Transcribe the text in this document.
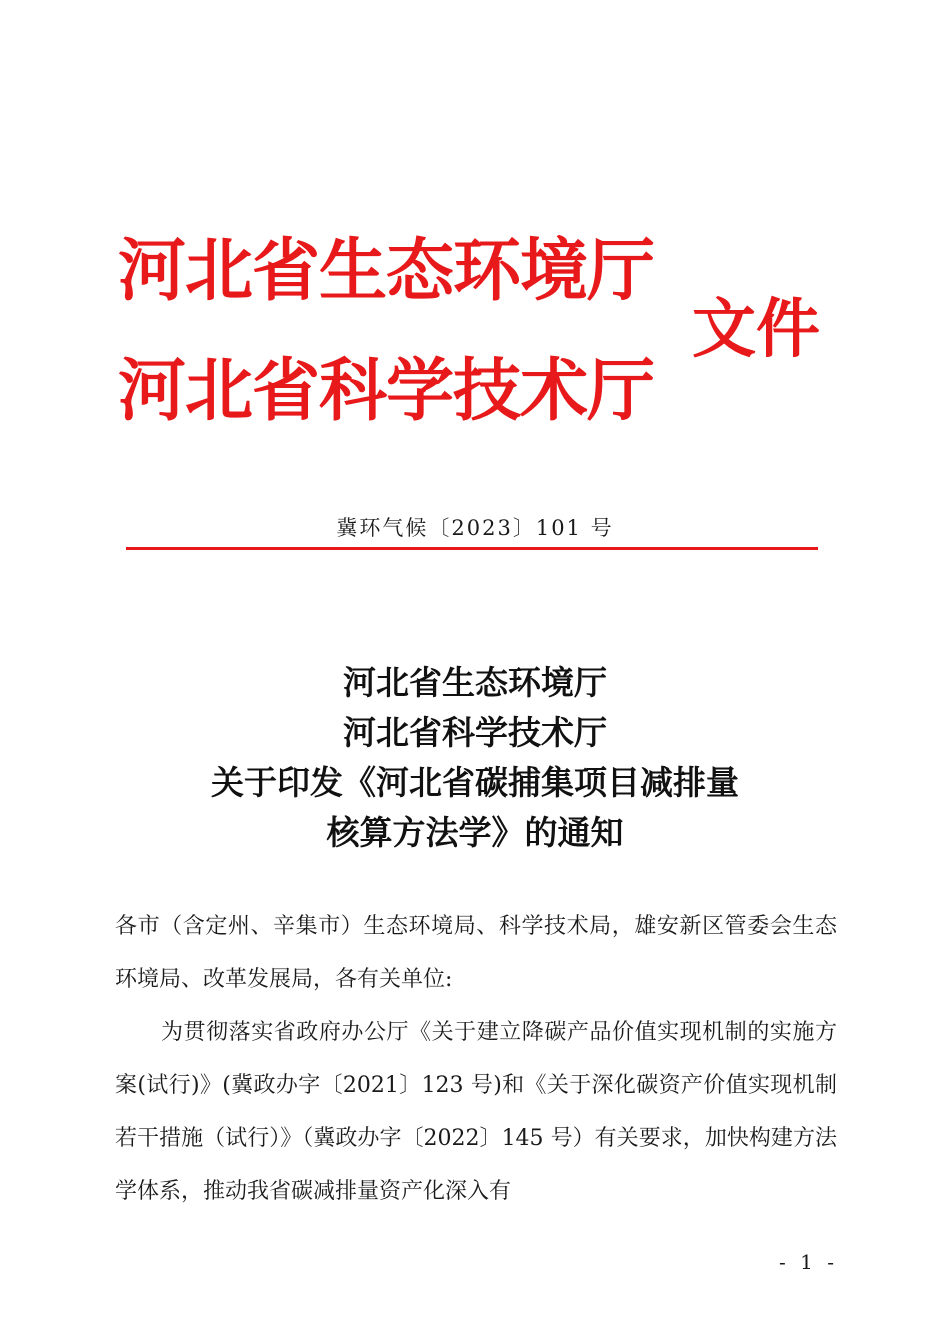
河北省生态环境厅
河北省科学技术厅
文件
冀环气候〔2023〕101 号
河北省生态环境厅
河北省科学技术厅
关于印发《河北省碳捕集项目减排量
核算方法学》的通知

各市（含定州、辛集市）生态环境局、科学技术局，雄安新区管委会生态环境局、改革发展局，各有关单位:

为贯彻落实省政府办公厅《关于建立降碳产品价值实现机制的实施方案(试行)》(冀政办字〔2021〕123 号)和《关于深化碳资产价值实现机制若干措施（试行）》（冀政办字〔2022〕145 号）有关要求，加快构建方法学体系，推动我省碳减排量资产化深入有

- 1 -
